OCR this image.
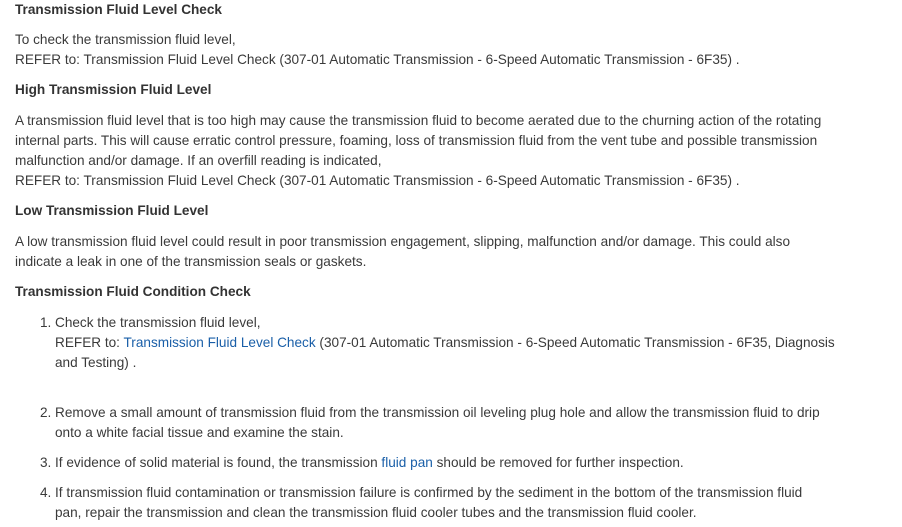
Transmission Fluid Level Check

To check the transmission fluid level,

REFER to: Transmission Fluid Level Check (307-01 Automatic Transmission - 6-Speed Automatic Transmission - 6F35) .

High Transmission Fluid Level

A transmission fluid level that is too high may cause the transmission fluid to become aerated due to the churning action of the rotating

internal parts. This will cause erratic control pressure, foaming, loss of transmission fluid from the vent tube and possible transmission

malfunction and/or damage. If an overfill reading is indicated,

REFER to: Transmission Fluid Level Check (307-01 Automatic Transmission - 6-Speed Automatic Transmission - 6F35) .

Low Transmission Fluid Level

A low transmission fluid level could result in poor transmission engagement, slipping, malfunction and/or damage. This could also

indicate a leak in one of the transmission seals or gaskets.

Transmission Fluid Condition Check

1. Check the transmission fluid level,
REFER to: Transmission Fluid Level Check (307-01 Automatic Transmission - 6-Speed Automatic Transmission - 6F35, Diagnosis
and Testing) .
2. Remove a small amount of transmission fluid from the transmission oil leveling plug hole and allow the transmission fluid to drip
onto a white facial tissue and examine the stain.
3. If evidence of solid material is found, the transmission fluid pan should be removed for further inspection.
4. If transmission fluid contamination or transmission failure is confirmed by the sediment in the bottom of the transmission fluid
pan, repair the transmission and clean the transmission fluid cooler tubes and the transmission fluid cooler.
